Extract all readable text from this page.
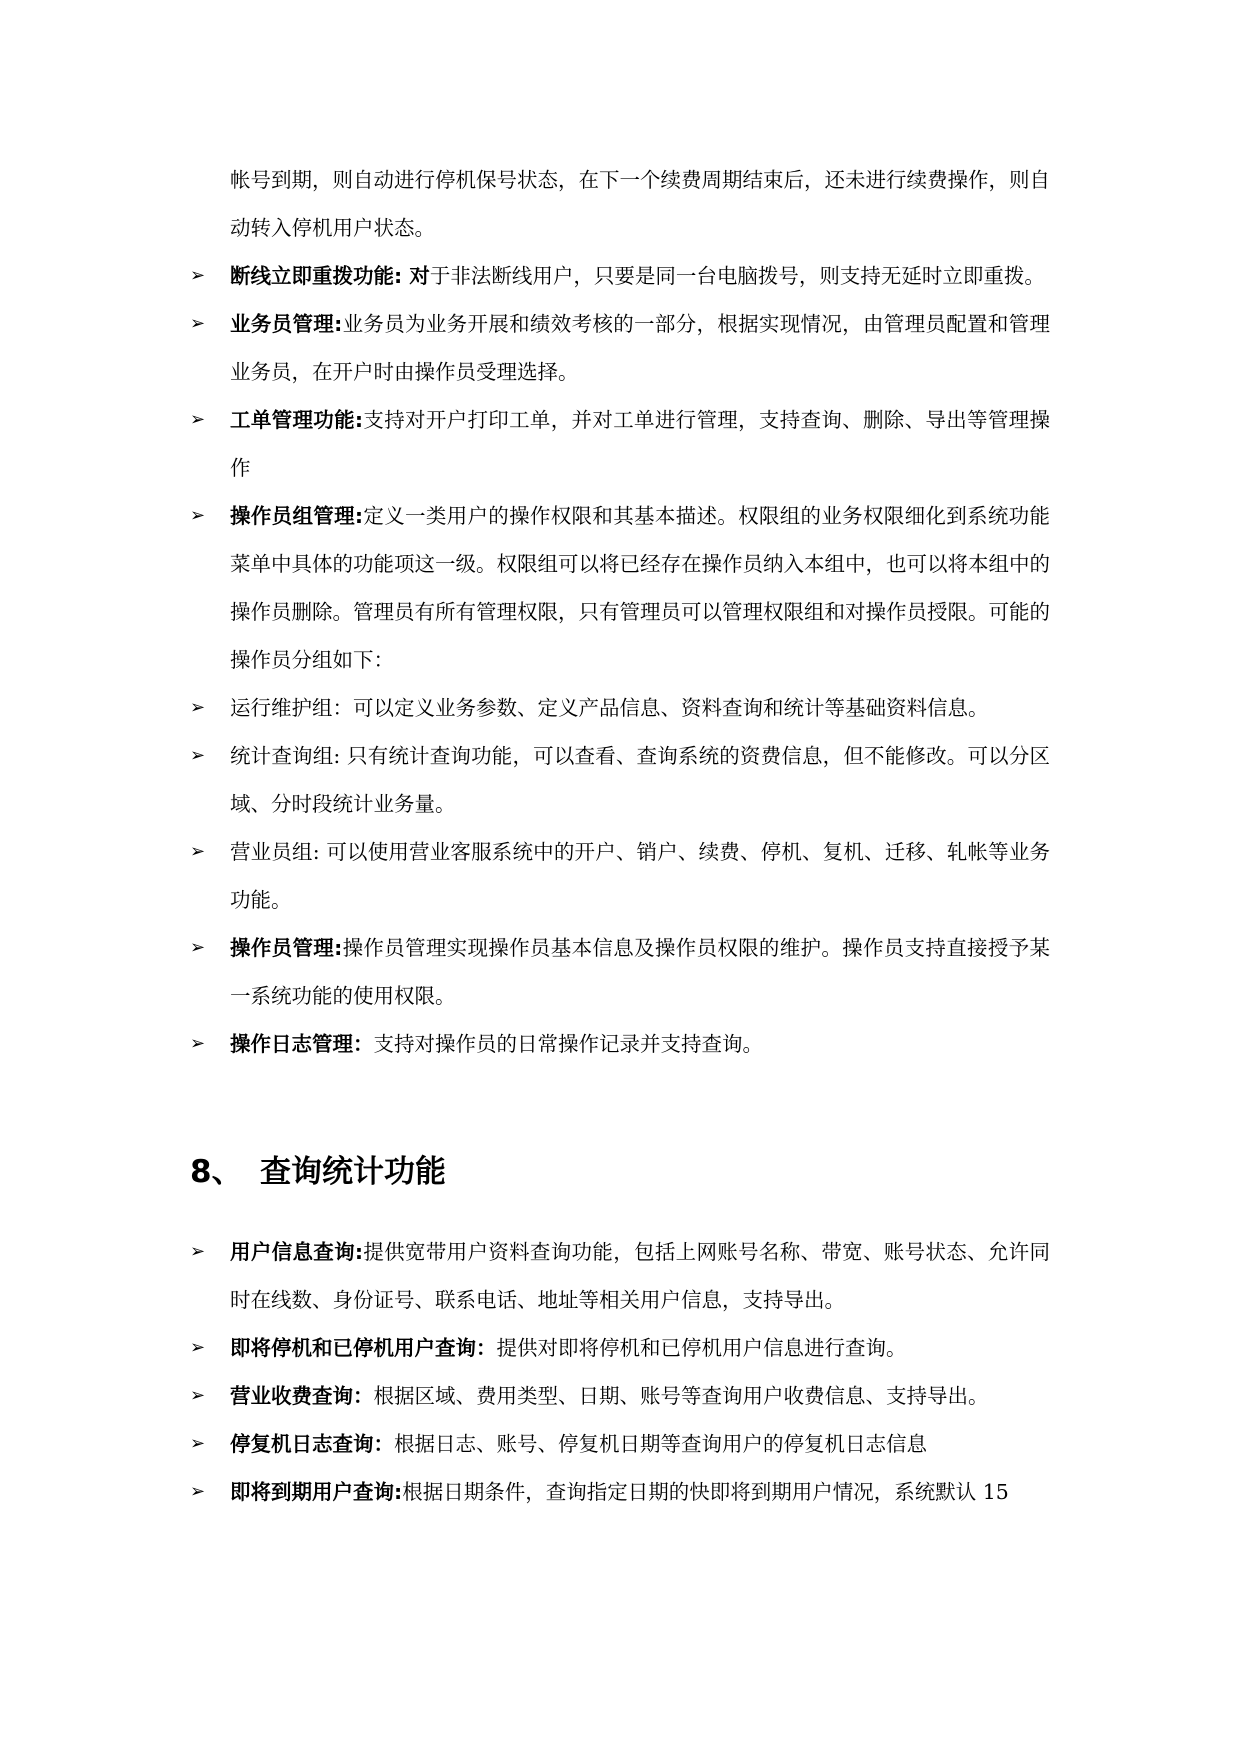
帐号到期，则自动进行停机保号状态，在下一个续费周期结束后，还未进行续费操作，则自动转入停机用户状态。
➢ 断线立即重拨功能: 对于非法断线用户，只要是同一台电脑拨号，则支持无延时立即重拨。
➢ 业务员管理:业务员为业务开展和绩效考核的一部分，根据实现情况，由管理员配置和管理业务员，在开户时由操作员受理选择。
➢ 工单管理功能:支持对开户打印工单，并对工单进行管理，支持查询、删除、导出等管理操作
➢ 操作员组管理:定义一类用户的操作权限和其基本描述。权限组的业务权限细化到系统功能菜单中具体的功能项这一级。权限组可以将已经存在操作员纳入本组中，也可以将本组中的操作员删除。管理员有所有管理权限，只有管理员可以管理权限组和对操作员授限。可能的操作员分组如下：
➢ 运行维护组：可以定义业务参数、定义产品信息、资料查询和统计等基础资料信息。
➢ 统计查询组: 只有统计查询功能，可以查看、查询系统的资费信息，但不能修改。可以分区域、分时段统计业务量。
➢ 营业员组: 可以使用营业客服系统中的开户、销户、续费、停机、复机、迁移、轧帐等业务功能。
➢ 操作员管理:操作员管理实现操作员基本信息及操作员权限的维护。操作员支持直接授予某一系统功能的使用权限。
➢ 操作日志管理：支持对操作员的日常操作记录并支持查询。
8、 查询统计功能
➢ 用户信息查询:提供宽带用户资料查询功能，包括上网账号名称、带宽、账号状态、允许同时在线数、身份证号、联系电话、地址等相关用户信息，支持导出。
➢ 即将停机和已停机用户查询：提供对即将停机和已停机用户信息进行查询。
➢ 营业收费查询：根据区域、费用类型、日期、账号等查询用户收费信息、支持导出。
➢ 停复机日志查询：根据日志、账号、停复机日期等查询用户的停复机日志信息
➢ 即将到期用户查询:根据日期条件，查询指定日期的快即将到期用户情况，系统默认 15
